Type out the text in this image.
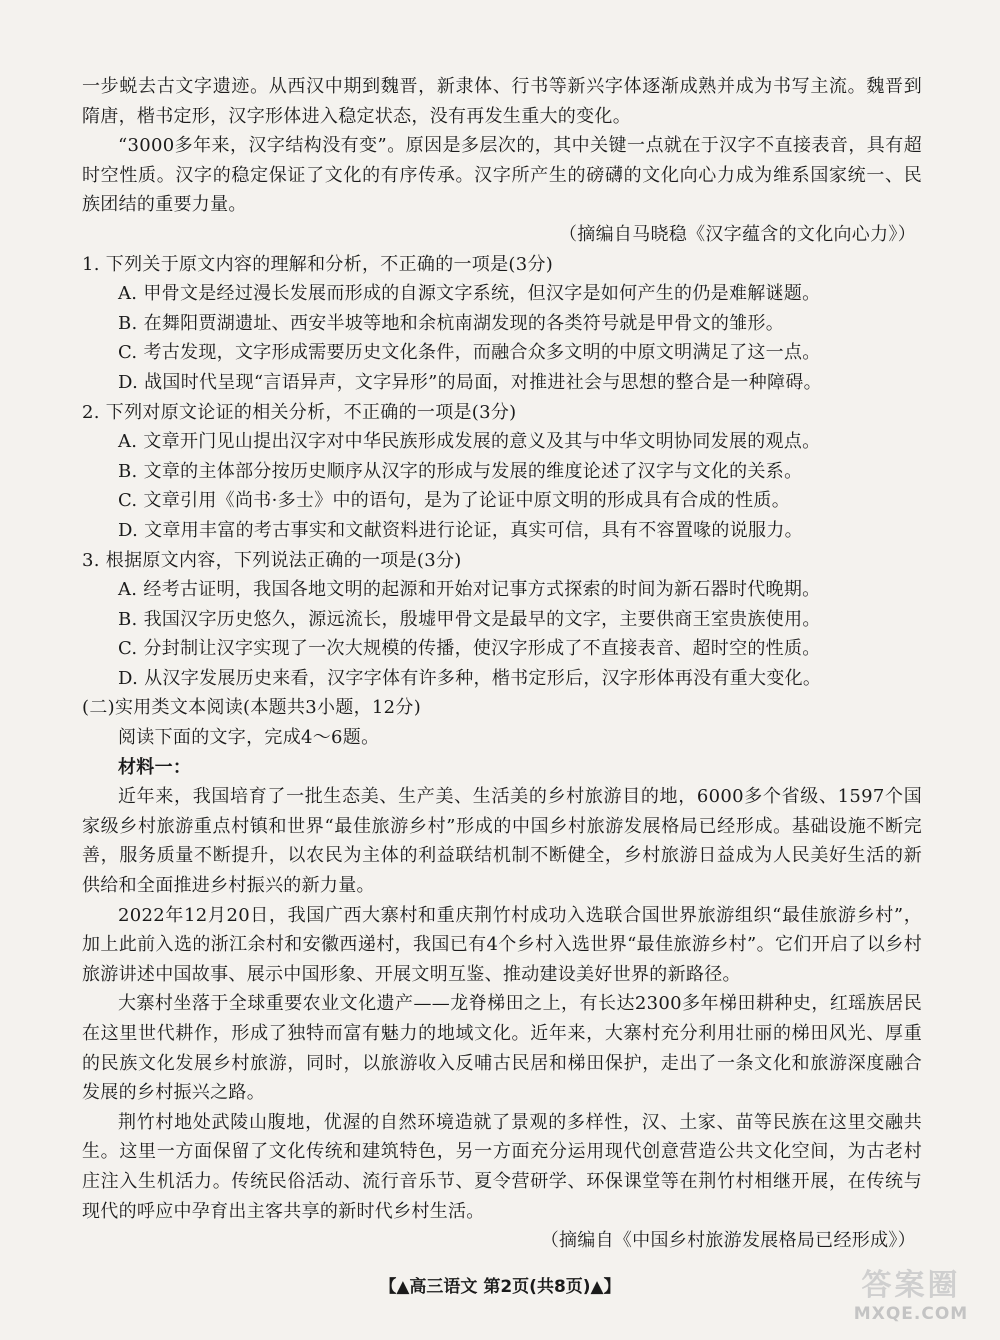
一步蜕去古文字遗迹。从西汉中期到魏晋，新隶体、行书等新兴字体逐渐成熟并成为书写主流。魏晋到隋唐，楷书定形，汉字形体进入稳定状态，没有再发生重大的变化。

“3000多年来，汉字结构没有变”。原因是多层次的，其中关键一点就在于汉字不直接表音，具有超时空性质。汉字的稳定保证了文化的有序传承。汉字所产生的磅礴的文化向心力成为维系国家统一、民族团结的重要力量。

（摘编自马晓稳《汉字蕴含的文化向心力》）

1. 下列关于原文内容的理解和分析，不正确的一项是(3分)

A. 甲骨文是经过漫长发展而形成的自源文字系统，但汉字是如何产生的仍是难解谜题。

B. 在舞阳贾湖遗址、西安半坡等地和余杭南湖发现的各类符号就是甲骨文的雏形。

C. 考古发现，文字形成需要历史文化条件，而融合众多文明的中原文明满足了这一点。

D. 战国时代呈现“言语异声，文字异形”的局面，对推进社会与思想的整合是一种障碍。

2. 下列对原文论证的相关分析，不正确的一项是(3分)

A. 文章开门见山提出汉字对中华民族形成发展的意义及其与中华文明协同发展的观点。

B. 文章的主体部分按历史顺序从汉字的形成与发展的维度论述了汉字与文化的关系。

C. 文章引用《尚书·多士》中的语句，是为了论证中原文明的形成具有合成的性质。

D. 文章用丰富的考古事实和文献资料进行论证，真实可信，具有不容置喙的说服力。

3. 根据原文内容，下列说法正确的一项是(3分)

A. 经考古证明，我国各地文明的起源和开始对记事方式探索的时间为新石器时代晚期。

B. 我国汉字历史悠久，源远流长，殷墟甲骨文是最早的文字，主要供商王室贵族使用。

C. 分封制让汉字实现了一次大规模的传播，使汉字形成了不直接表音、超时空的性质。

D. 从汉字发展历史来看，汉字字体有许多种，楷书定形后，汉字形体再没有重大变化。

(二)实用类文本阅读(本题共3小题，12分)

阅读下面的文字，完成4～6题。

材料一：

近年来，我国培育了一批生态美、生产美、生活美的乡村旅游目的地，6000多个省级、1597个国家级乡村旅游重点村镇和世界“最佳旅游乡村”形成的中国乡村旅游发展格局已经形成。基础设施不断完善，服务质量不断提升，以农民为主体的利益联结机制不断健全，乡村旅游日益成为人民美好生活的新供给和全面推进乡村振兴的新力量。

2022年12月20日，我国广西大寨村和重庆荆竹村成功入选联合国世界旅游组织“最佳旅游乡村”，加上此前入选的浙江余村和安徽西递村，我国已有4个乡村入选世界“最佳旅游乡村”。它们开启了以乡村旅游讲述中国故事、展示中国形象、开展文明互鉴、推动建设美好世界的新路径。

大寨村坐落于全球重要农业文化遗产——龙脊梯田之上，有长达2300多年梯田耕种史，红瑶族居民在这里世代耕作，形成了独特而富有魅力的地域文化。近年来，大寨村充分利用壮丽的梯田风光、厚重的民族文化发展乡村旅游，同时，以旅游收入反哺古民居和梯田保护，走出了一条文化和旅游深度融合发展的乡村振兴之路。

荆竹村地处武陵山腹地，优渥的自然环境造就了景观的多样性，汉、土家、苗等民族在这里交融共生。这里一方面保留了文化传统和建筑特色，另一方面充分运用现代创意营造公共文化空间，为古老村庄注入生机活力。传统民俗活动、流行音乐节、夏令营研学、环保课堂等在荆竹村相继开展，在传统与现代的呼应中孕育出主客共享的新时代乡村生活。

（摘编自《中国乡村旅游发展格局已经形成》）

【▲高三语文 第2页(共8页)▲】	答案圈
MXQE.COM
